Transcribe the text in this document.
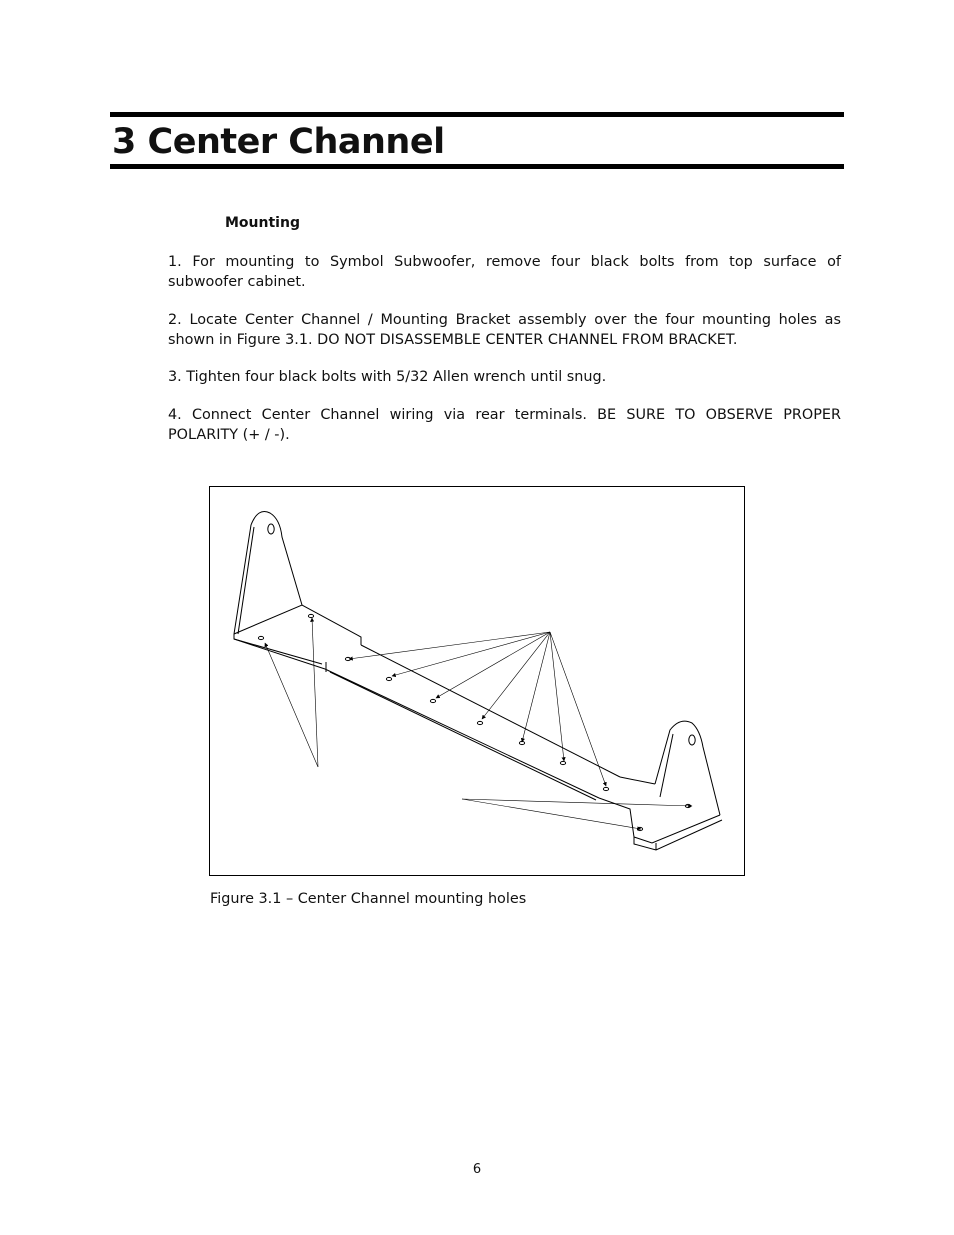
3 Center Channel
Mounting

1. For mounting to Symbol Subwoofer, remove four black bolts from top surface of subwoofer cabinet.

2. Locate Center Channel / Mounting Bracket assembly over the four mounting holes as shown in Figure 3.1. DO NOT DISASSEMBLE CENTER CHANNEL FROM BRACKET.

3. Tighten four black bolts with 5/32 Allen wrench until snug.

4. Connect Center Channel wiring via rear terminals. BE SURE TO OBSERVE PROPER POLARITY (+ / -).

Figure 3.1 – Center Channel mounting holes

6
